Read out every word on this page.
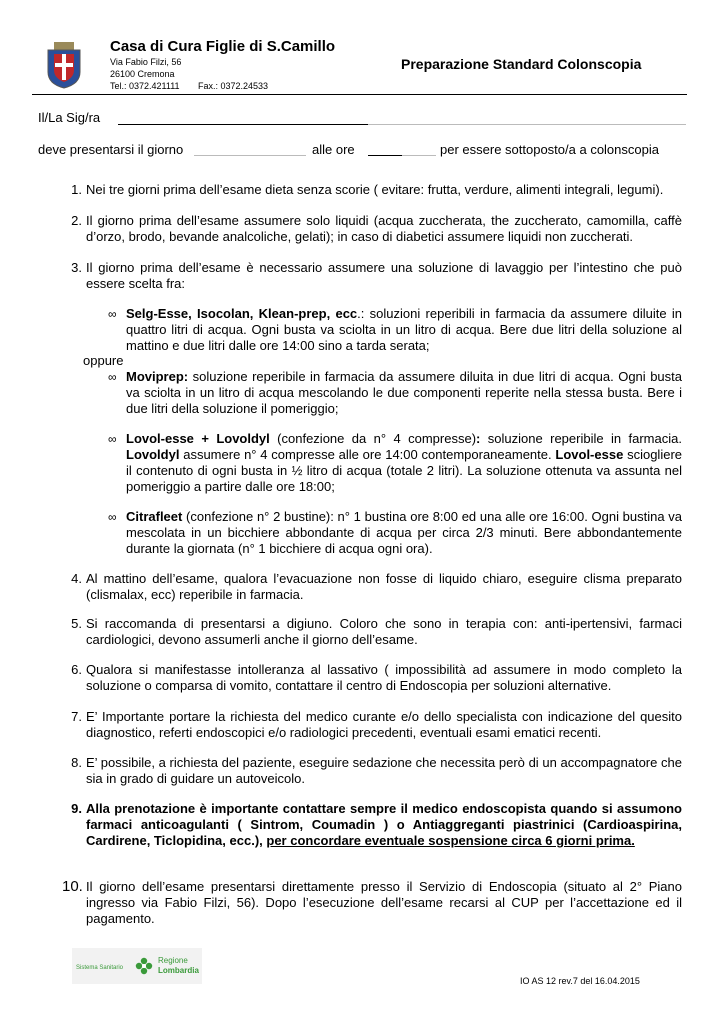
Casa di Cura Figlie di S.Camillo
Via Fabio Filzi, 56
26100 Cremona
Tel.: 0372.421111 Fax.: 0372.24533
Preparazione Standard Colonscopia
Il/La Sig/ra
deve presentarsi il giorno	alle ore	per essere sottoposto/a a colonscopia
1. Nei tre giorni prima dell’esame dieta senza scorie ( evitare: frutta, verdure, alimenti integrali, legumi).
2. Il giorno prima dell’esame assumere solo liquidi (acqua zuccherata, the zuccherato, camomilla, caffè d’orzo, brodo, bevande analcoliche, gelati); in caso di diabetici assumere liquidi non zuccherati.
3. Il giorno prima dell’esame è necessario assumere una soluzione di lavaggio per l’intestino che può essere scelta fra:
∞ Selg-Esse, Isocolan, Klean-prep, ecc.: soluzioni reperibili in farmacia da assumere diluite in quattro litri di acqua. Ogni busta va sciolta in un litro di acqua. Bere due litri della soluzione al mattino e due litri dalle ore 14:00 sino a tarda serata;
oppure
∞ Moviprep: soluzione reperibile in farmacia da assumere diluita in due litri di acqua. Ogni busta va sciolta in un litro di acqua mescolando le due componenti reperite nella stessa busta. Bere i due litri della soluzione il pomeriggio;
∞ Lovol-esse + Lovoldyl (confezione da n° 4 compresse): soluzione reperibile in farmacia. Lovoldyl assumere n° 4 compresse alle ore 14:00 contemporaneamente. Lovol-esse sciogliere il contenuto di ogni busta in ½ litro di acqua (totale 2 litri). La soluzione ottenuta va assunta nel pomeriggio a partire dalle ore 18:00;
∞ Citrafleet (confezione n° 2 bustine): n° 1 bustina ore 8:00 ed una alle ore 16:00. Ogni bustina va mescolata in un bicchiere abbondante di acqua per circa 2/3 minuti. Bere abbondantemente durante la giornata (n° 1 bicchiere di acqua ogni ora).
4. Al mattino dell’esame, qualora l’evacuazione non fosse di liquido chiaro, eseguire clisma preparato (clismalax, ecc) reperibile in farmacia.
5. Si raccomanda di presentarsi a digiuno. Coloro che sono in terapia con: anti-ipertensivi, farmaci cardiologici, devono assumerli anche il giorno dell’esame.
6. Qualora si manifestasse intolleranza al lassativo ( impossibilità ad assumere in modo completo la soluzione o comparsa di vomito, contattare il centro di Endoscopia per soluzioni alternative.
7. E’ Importante portare la richiesta del medico curante e/o dello specialista con indicazione del quesito diagnostico, referti endoscopici e/o radiologici precedenti, eventuali esami ematici recenti.
8. E’ possibile, a richiesta del paziente, eseguire sedazione che necessita però di un accompagnatore che sia in grado di guidare un autoveicolo.
9. Alla prenotazione è importante contattare sempre il medico endoscopista quando si assumono farmaci anticoagulanti ( Sintrom, Coumadin ) o Antiaggreganti piastrinici (Cardioaspirina, Cardirene, Ticlopidina, ecc.), per concordare eventuale sospensione circa 6 giorni prima.
10. Il giorno dell’esame presentarsi direttamente presso il Servizio di Endoscopia (situato al 2° Piano ingresso via Fabio Filzi, 56). Dopo l’esecuzione dell’esame recarsi al CUP per l’accettazione ed il pagamento.
Sistema Sanitario
Regione
Lombardia
IO AS 12 rev.7 del 16.04.2015
